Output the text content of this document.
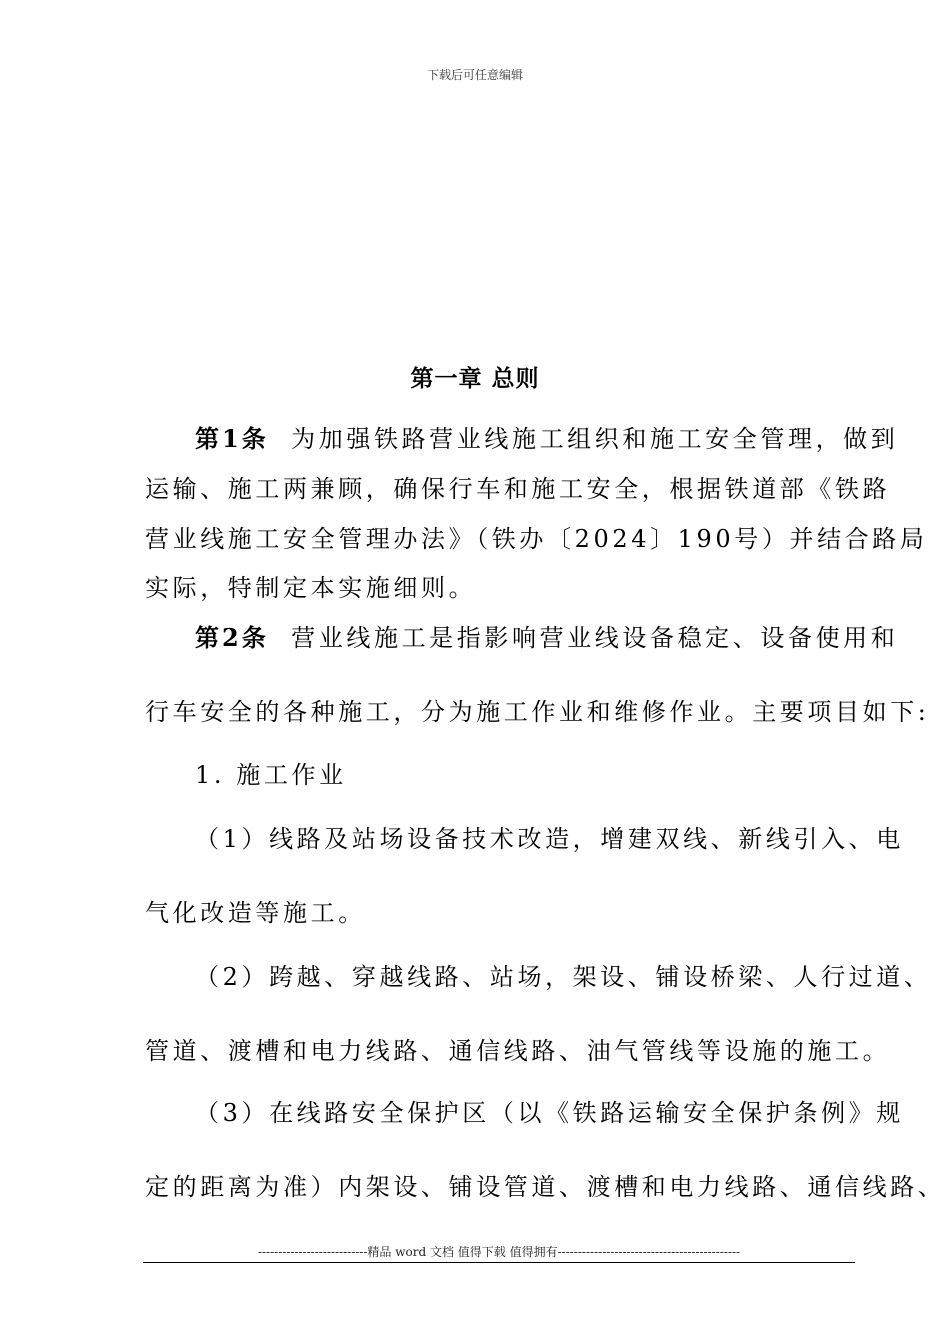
下载后可任意编辑
第一章 总则
第1条 为加强铁路营业线施工组织和施工安全管理，做到
运输、施工两兼顾，确保行车和施工安全，根据铁道部《铁路
营业线施工安全管理办法》（铁办〔2024〕190号）并结合路局
实际，特制定本实施细则。
第2条 营业线施工是指影响营业线设备稳定、设备使用和
行车安全的各种施工，分为施工作业和维修作业。主要项目如下:
1. 施工作业
（1）线路及站场设备技术改造，增建双线、新线引入、电
气化改造等施工。
（2）跨越、穿越线路、站场，架设、铺设桥梁、人行过道、
管道、渡槽和电力线路、通信线路、油气管线等设施的施工。
（3）在线路安全保护区（以《铁路运输安全保护条例》规
定的距离为准）内架设、铺设管道、渡槽和电力线路、通信线路、
---------------------------精品 word 文档 值得下载 值得拥有---------------------------------------------
